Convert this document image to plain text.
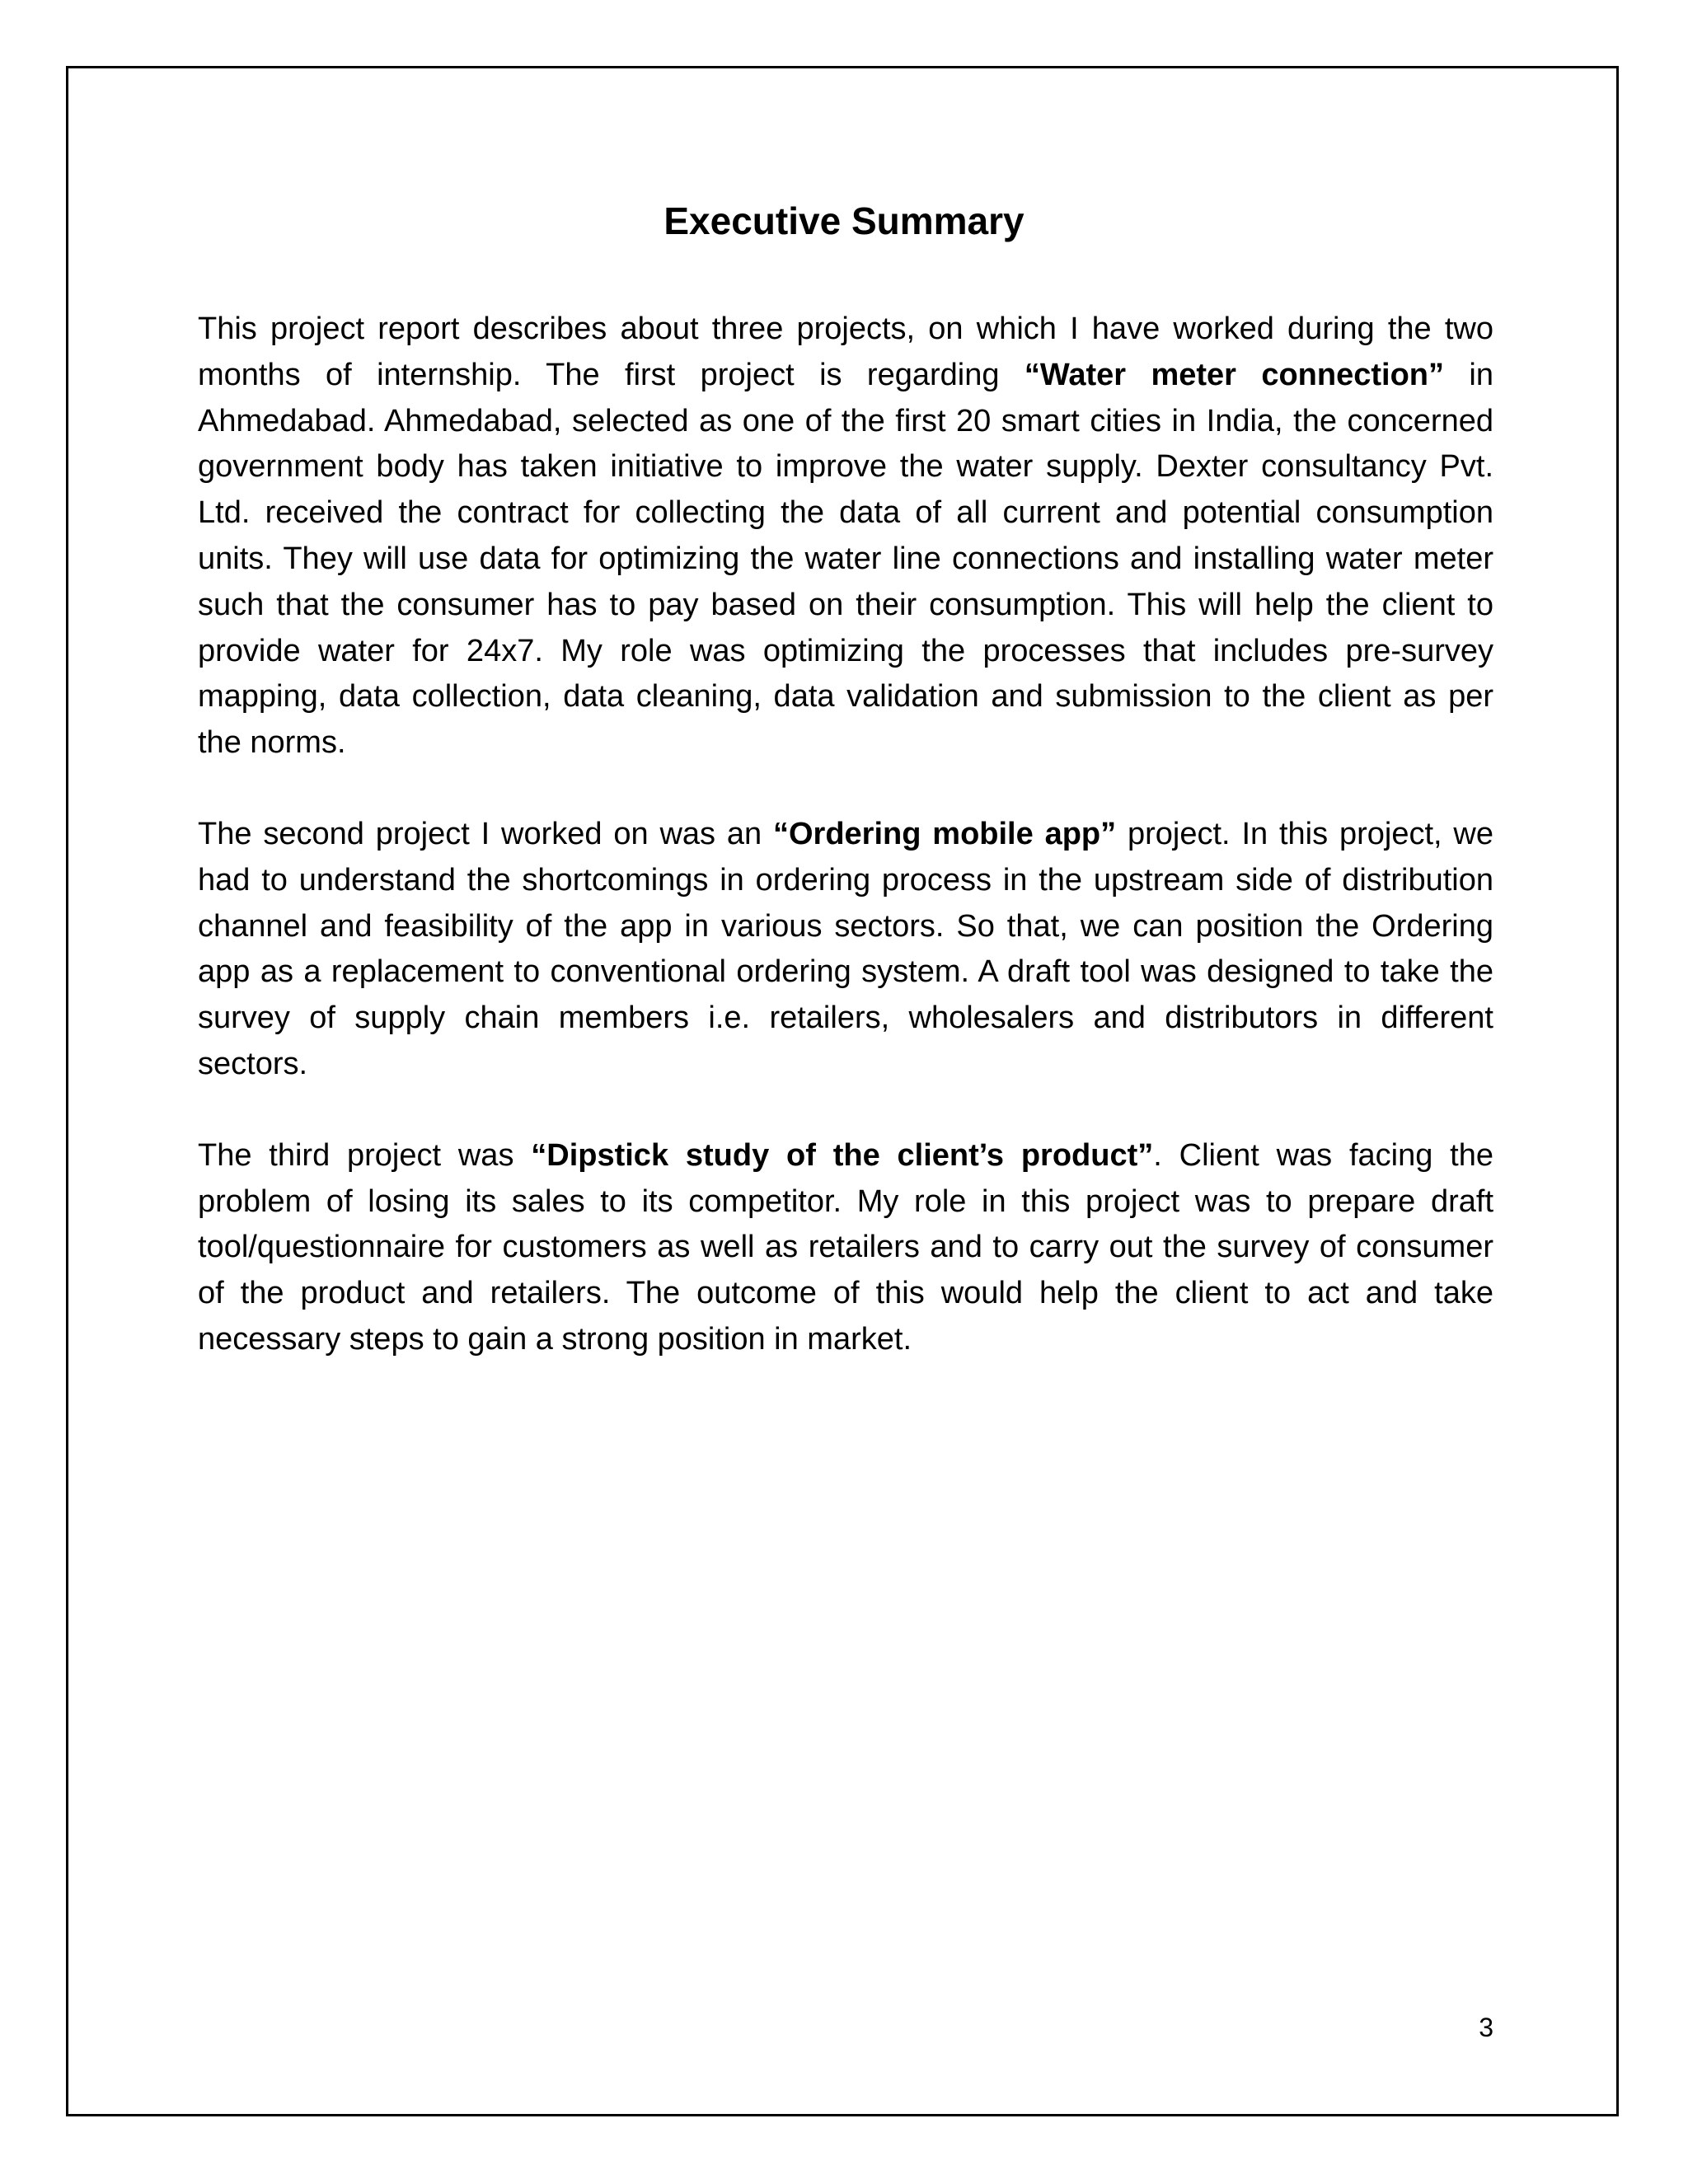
Executive Summary

This project report describes about three projects, on which I have worked during the two months of internship. The first project is regarding “Water meter connection” in Ahmedabad. Ahmedabad, selected as one of the first 20 smart cities in India, the concerned government body has taken initiative to improve the water supply. Dexter consultancy Pvt. Ltd. received the contract for collecting the data of all current and potential consumption units. They will use data for optimizing the water line connections and installing water meter such that the consumer has to pay based on their consumption. This will help the client to provide water for 24x7. My role was optimizing the processes that includes pre-survey mapping, data collection, data cleaning, data validation and submission to the client as per the norms.

The second project I worked on was an “Ordering mobile app” project. In this project, we had to understand the shortcomings in ordering process in the upstream side of distribution channel and feasibility of the app in various sectors. So that, we can position the Ordering app as a replacement to conventional ordering system. A draft tool was designed to take the survey of supply chain members i.e. retailers, wholesalers and distributors in different sectors.

The third project was “Dipstick study of the client’s product”. Client was facing the problem of losing its sales to its competitor. My role in this project was to prepare draft tool/questionnaire for customers as well as retailers and to carry out the survey of consumer of the product and retailers. The outcome of this would help the client to act and take necessary steps to gain a strong position in market.

3
